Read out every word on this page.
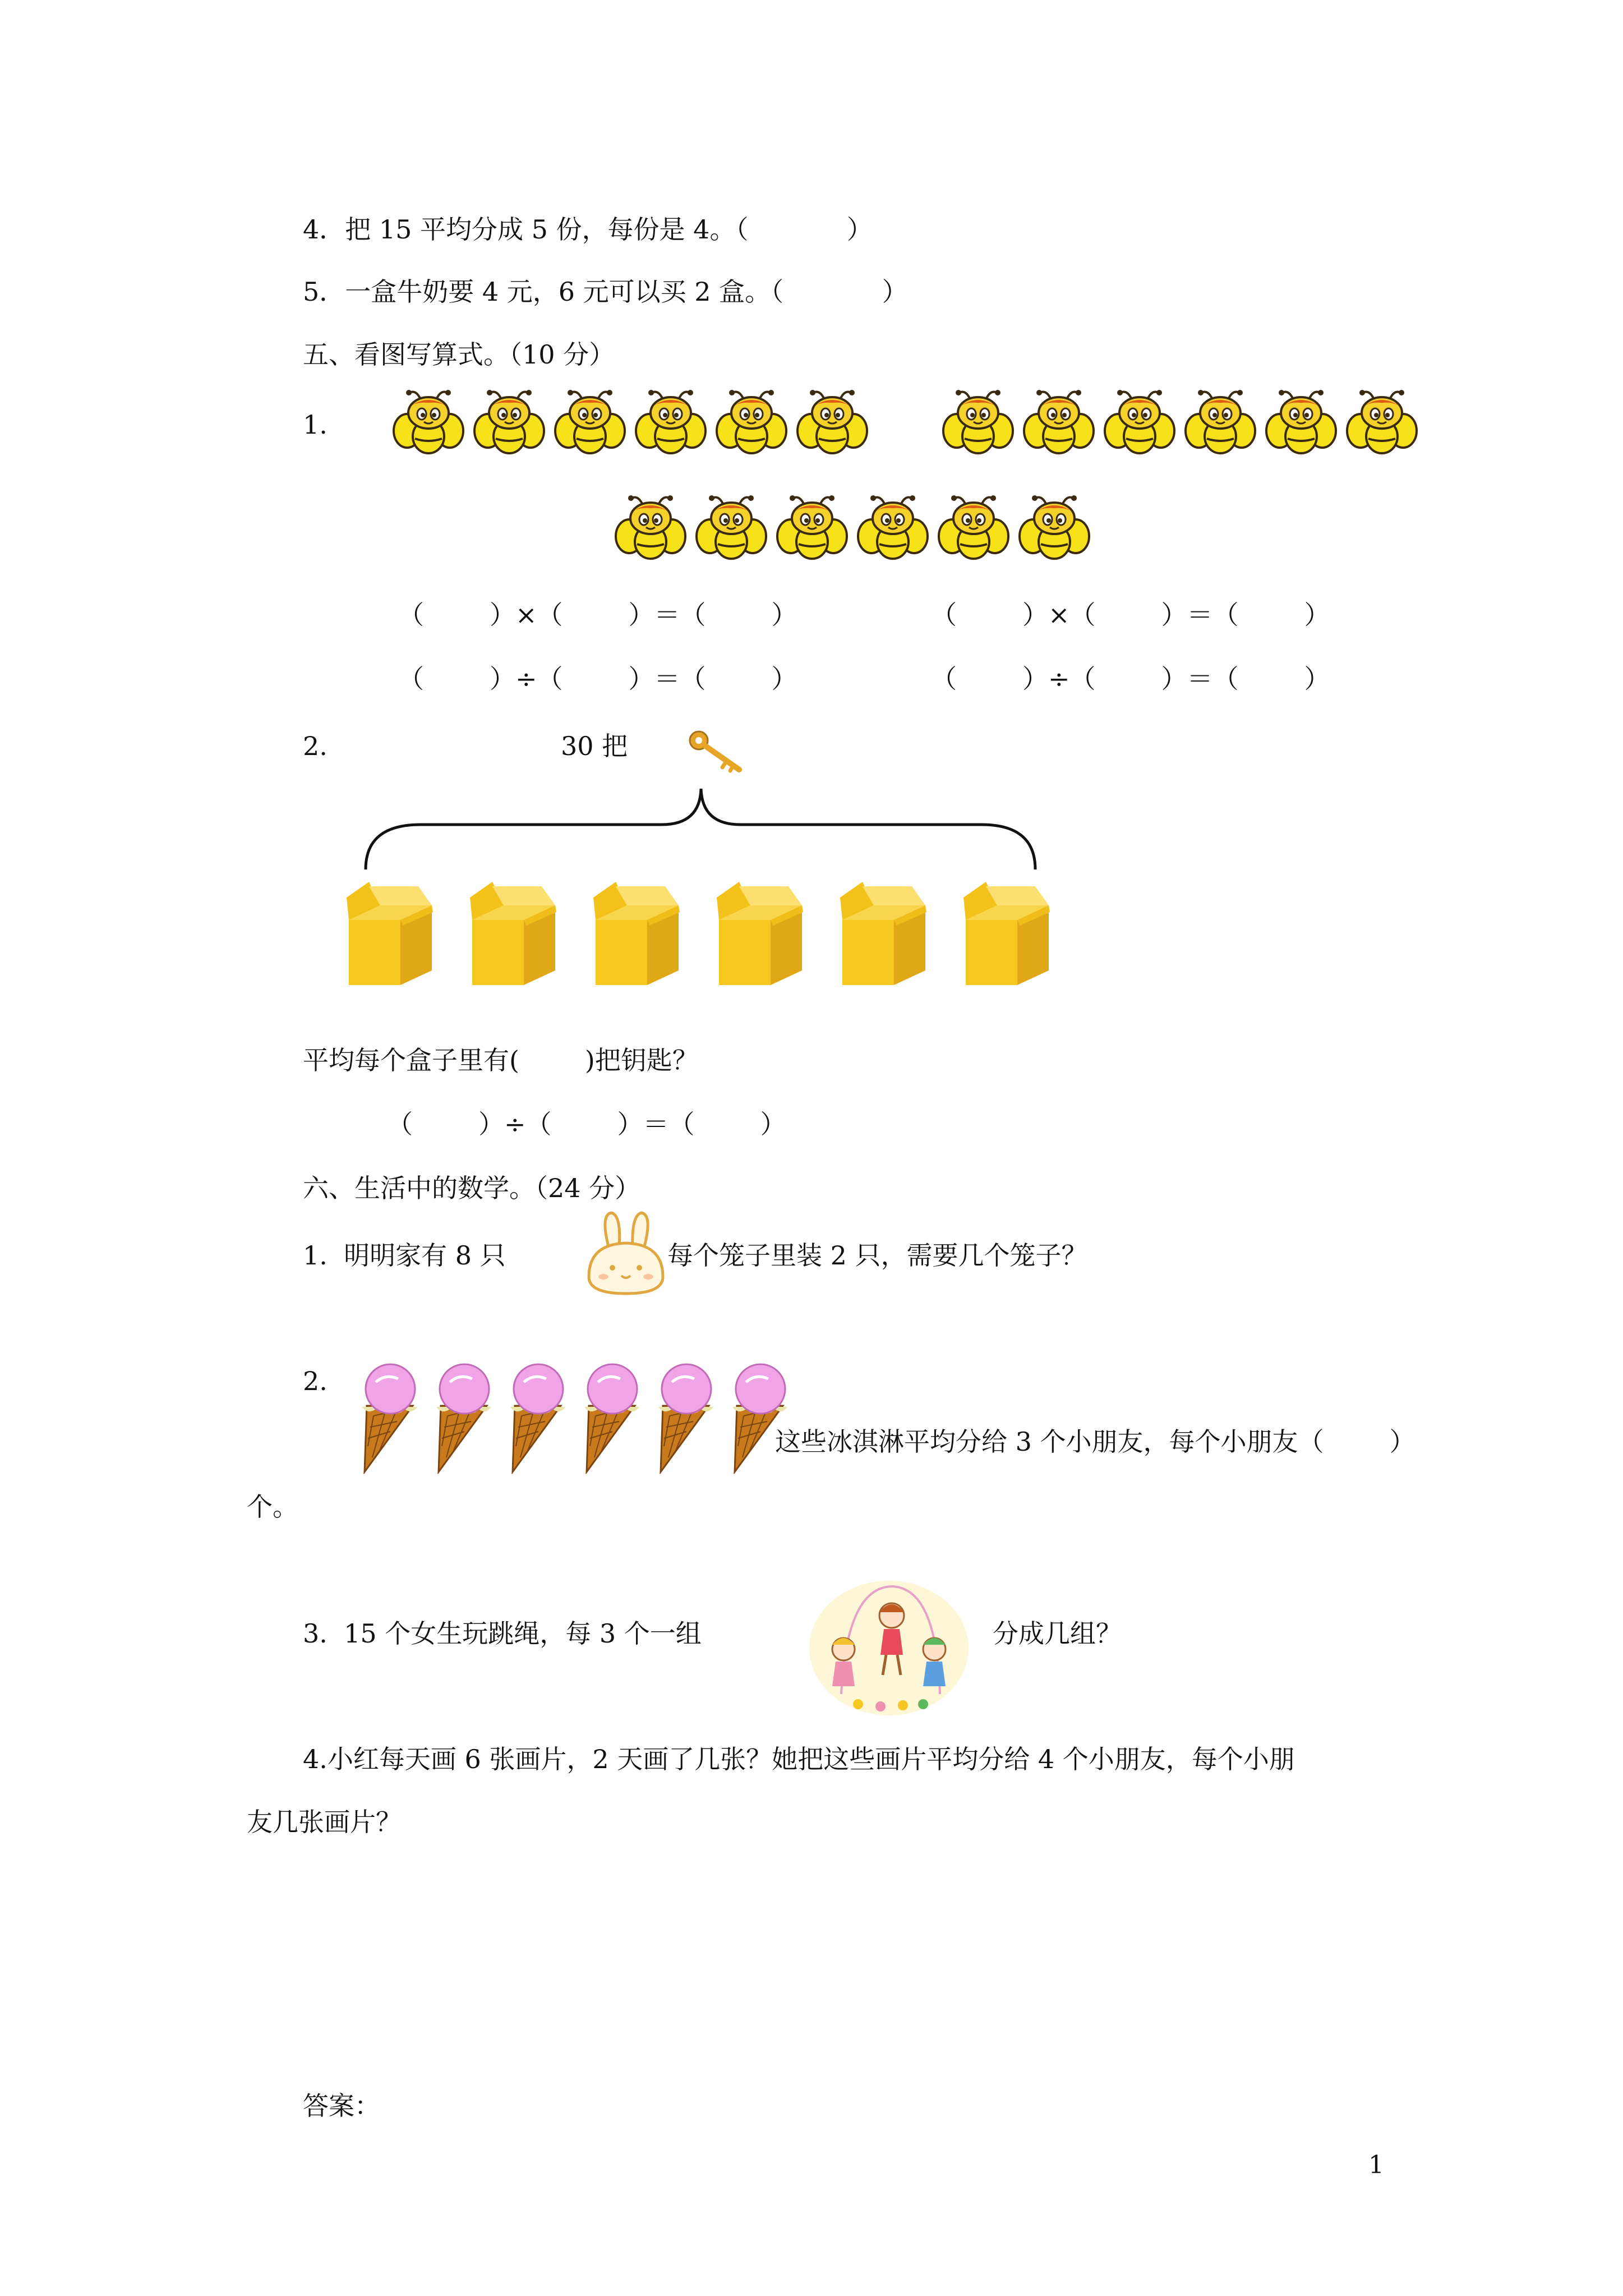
4．把 15 平均分成 5 份，每份是 4。（            ）
5．一盒牛奶要 4 元，6 元可以买 2 盒。（            ）
五、看图写算式。（10 分）
1.
（        ）×（        ）＝（        ）	（        ）×（        ）＝（        ）
（        ）÷（        ）＝（        ）	（        ）÷（        ）＝（        ）
2.	30 把
平均每个盒子里有(        )把钥匙？
（        ）÷（        ）＝（        ）
六、生活中的数学。（24 分）
1.  明明家有 8 只	每个笼子里装 2 只，需要几个笼子？
2.
这些冰淇淋平均分给 3 个小朋友，每个小朋友（        ）
个。
3.  15 个女生玩跳绳，每 3 个一组	分成几组？
4.小红每天画 6 张画片，2 天画了几张？她把这些画片平均分给 4 个小朋友，每个小朋
友几张画片？
答案：
1
